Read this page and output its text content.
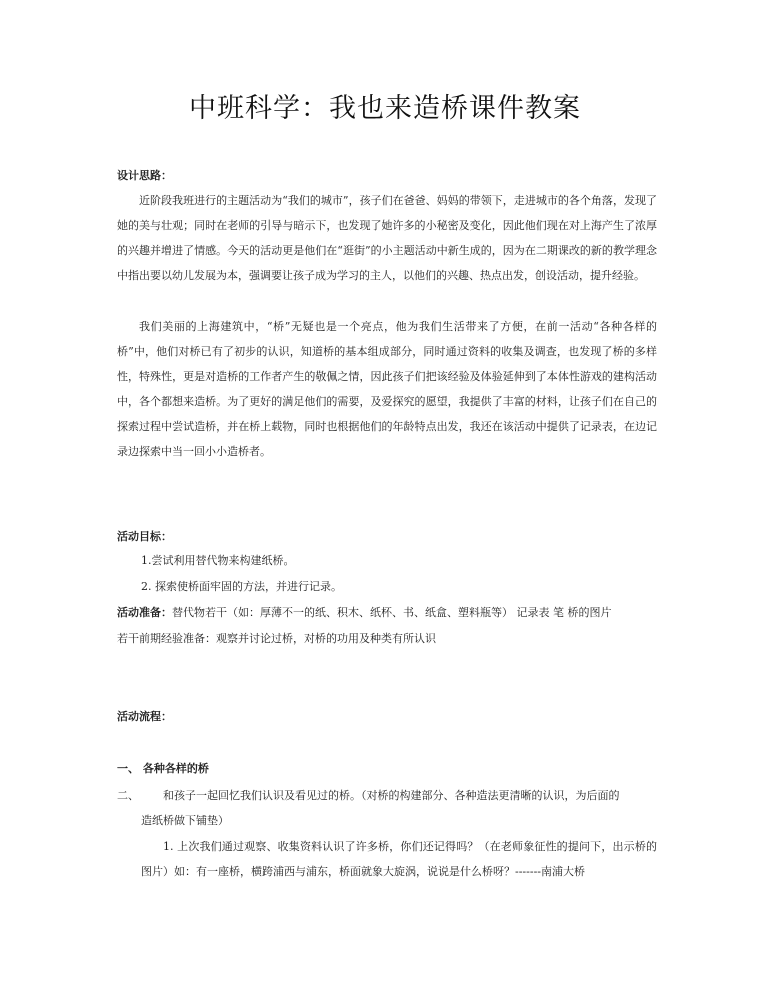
中班科学：我也来造桥课件教案
设计思路：
近阶段我班进行的主题活动为“我们的城市”，孩子们在爸爸、妈妈的带领下，走进城市的各个角落，发现了她的美与壮观；同时在老师的引导与暗示下，也发现了她许多的小秘密及变化，因此他们现在对上海产生了浓厚的兴趣并增进了情感。今天的活动更是他们在“逛街”的小主题活动中新生成的，因为在二期课改的新的教学理念中指出要以幼儿发展为本，强调要让孩子成为学习的主人，以他们的兴趣、热点出发，创设活动，提升经验。
我们美丽的上海建筑中，“桥”无疑也是一个亮点，他为我们生活带来了方便，在前一活动“各种各样的桥”中，他们对桥已有了初步的认识，知道桥的基本组成部分，同时通过资料的收集及调查，也发现了桥的多样性，特殊性，更是对造桥的工作者产生的敬佩之情，因此孩子们把该经验及体验延伸到了本体性游戏的建构活动中，各个都想来造桥。为了更好的满足他们的需要，及爱探究的愿望，我提供了丰富的材料，让孩子们在自己的探索过程中尝试造桥，并在桥上载物，同时也根据他们的年龄特点出发，我还在该活动中提供了记录表，在边记录边探索中当一回小小造桥者。
活动目标：
1.尝试利用替代物来构建纸桥。
2. 探索使桥面牢固的方法，并进行记录。
活动准备：替代物若干（如：厚薄不一的纸、积木、纸杯、书、纸盒、塑料瓶等） 记录表 笔 桥的图片
若干前期经验准备：观察并讨论过桥，对桥的功用及种类有所认识
活动流程：
一、 各种各样的桥
二、 和孩子一起回忆我们认识及看见过的桥。（对桥的构建部分、各种造法更清晰的认识，为后面的
造纸桥做下铺垫）
1. 上次我们通过观察、收集资料认识了许多桥，你们还记得吗？（在老师象征性的提问下，出示桥的图片）如：有一座桥，横跨浦西与浦东，桥面就象大旋涡，说说是什么桥呀？-------南浦大桥
